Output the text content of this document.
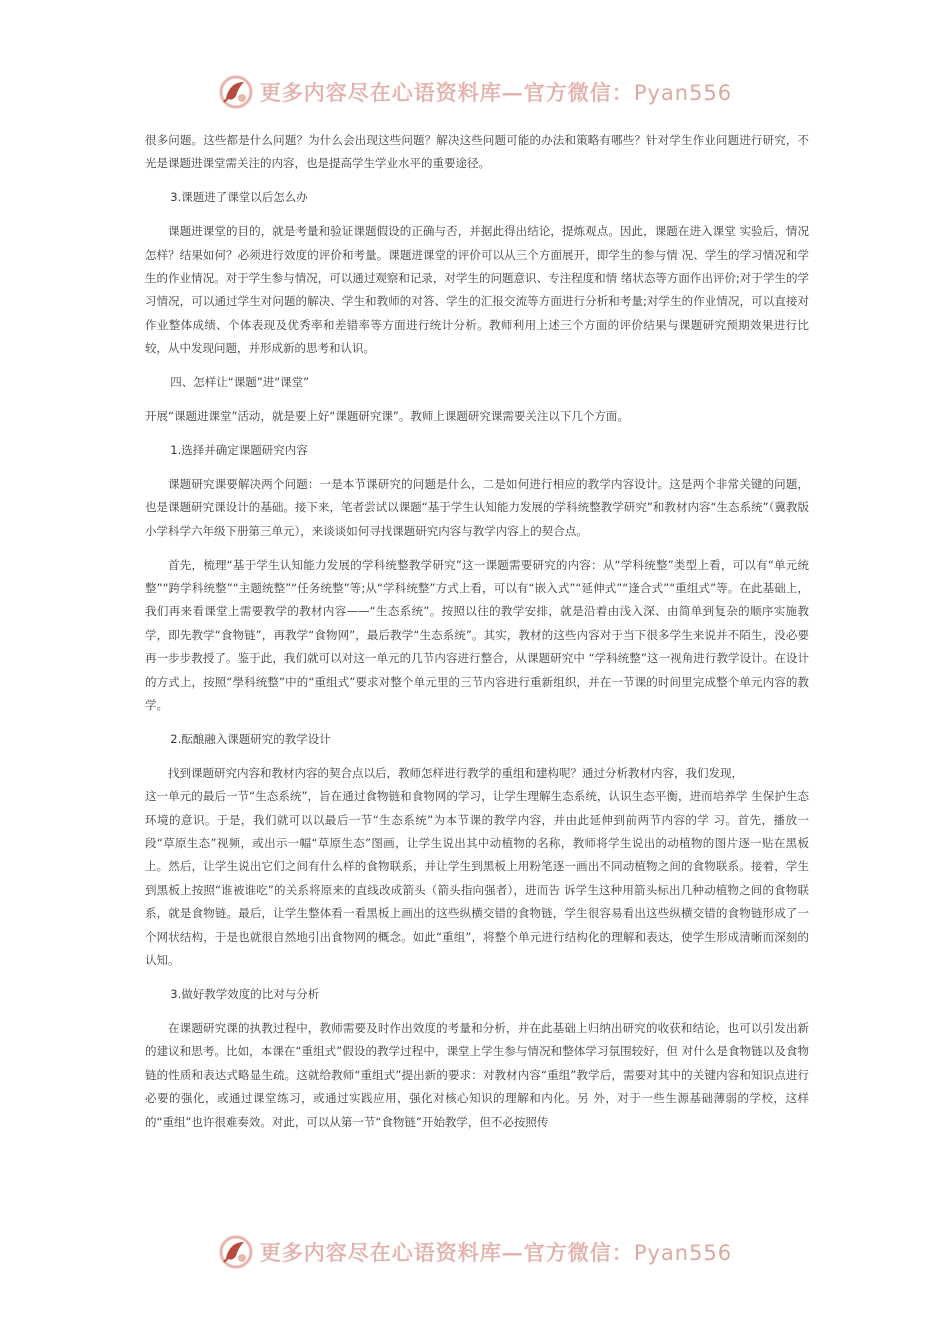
更多内容尽在心语资料库—官方微信：Pyan556

很多问题。这些都是什么问题？为什么会出现这些问题？解决这些问题可能的办法和策略有哪些？针对学生作业问题进行研究，不光是课题进课堂需关注的内容，也是提高学生学业水平的重要途径。

3.课题进了课堂以后怎么办

课题进课堂的目的，就是考量和验证课题假设的正确与否，并据此得出结论，提炼观点。因此，课题在进入课堂 实验后，情况怎样？结果如何？必须进行效度的评价和考量。课题进课堂的评价可以从三个方面展开，即学生的参与情 况、学生的学习情况和学生的作业情况。对于学生参与情况，可以通过观察和记录，对学生的问题意识、专注程度和情 绪状态等方面作出评价;对于学生的学习情况，可以通过学生对问题的解决、学生和教师的对答、学生的汇报交流等方面进行分析和考量;对学生的作业情况，可以直接对作业整体成绩、个体表现及优秀率和差错率等方面进行统计分析。教师利用上述三个方面的评价结果与课题研究预期效果进行比较，从中发现问题，并形成新的思考和认识。

四、怎样让“课题”进“课堂”

开展“课题进课堂”活动，就是要上好“课题研究课”。教师上课题研究课需要关注以下几个方面。

1.选择并确定课题研究内容

课题研究课要解决两个问题：一是本节课研究的问题是什么，二是如何进行相应的教学内容设计。这是两个非常关键的问题，也是课题研究课设计的基础。接下来，笔者尝试以课题“基于学生认知能力发展的学科统整教学研究”和教材内容“生态系统”（冀教版小学科学六年级下册第三单元），来谈谈如何寻找课题研究内容与教学内容上的契合点。

首先，梳理“基于学生认知能力发展的学科统整教学研究”这一课题需要研究的内容：从“学科统整”类型上看，可以有“单元统整”“跨学科统整”“主题统整”“任务统整”等;从“学科统整”方式上看，可以有“嵌入式”“延伸式”“逢合式”“重组式”等。在此基础上，我们再来看课堂上需要教学的教材内容——“生态系统”。按照以往的教学安排，就是沿着由浅入深、由简单到复杂的顺序实施教学，即先教学“食物链”，再教学“食物网”，最后教学“生态系统”。其实，教材的这些内容对于当下很多学生来说并不陌生，没必要再一步步教授了。鉴于此，我们就可以对这一单元的几节内容进行整合，从课题研究中 “学科统整”这一视角进行教学设计。在设计的方式上，按照“學科统整”中的“重组式”要求对整个单元里的三节内容进行重新组织，并在一节课的时间里完成整个单元内容的教学。

2.酝酿融入课题研究的教学设计

找到课题研究内容和教材内容的契合点以后，教师怎样进行教学的重组和建构呢？通过分析教材内容，我们发现，

这一单元的最后一节“生态系统”，旨在通过食物链和食物网的学习，让学生理解生态系统，认识生态平衡，进而培养学 生保护生态环境的意识。于是，我们就可以以最后一节“生态系统”为本节课的教学内容，并由此延伸到前两节内容的学 习。首先，播放一段“草原生态”视频，或出示一幅“草原生态”图画，让学生说出其中动植物的名称，教师将学生说出的动植物的图片逐一贴在黑板上。然后，让学生说出它们之间有什么样的食物联系，并让学生到黑板上用粉笔逐一画出不同动植物之间的食物联系。接着，学生到黑板上按照“谁被谁吃”的关系将原来的直线改成箭头（箭头指向强者），进而告 诉学生这种用箭头标出几种动植物之间的食物联系，就是食物链。最后，让学生整体看一看黑板上画出的这些纵横交错的食物链，学生很容易看出这些纵横交错的食物链形成了一个网状结构，于是也就很自然地引出食物网的概念。如此“重组”，将整个单元进行结构化的理解和表达，使学生形成清晰而深刻的认知。

3.做好教学效度的比对与分析

在课题研究课的执教过程中，教师需要及时作出效度的考量和分析，并在此基础上归纳出研究的收获和结论，也可以引发出新的建议和思考。比如，本课在“重组式”假设的教学过程中，课堂上学生参与情况和整体学习氛围较好，但 对什么是食物链以及食物链的性质和表达式略显生疏。这就给教师“重组式”提出新的要求：对教材内容“重组”教学后，需要对其中的关键内容和知识点进行必要的强化，或通过课堂练习，或通过实践应用，强化对核心知识的理解和内化。另 外，对于一些生源基础薄弱的学校，这样的“重组”也许很难奏效。对此，可以从第一节“食物链”开始教学，但不必按照传

更多内容尽在心语资料库—官方微信：Pyan556
